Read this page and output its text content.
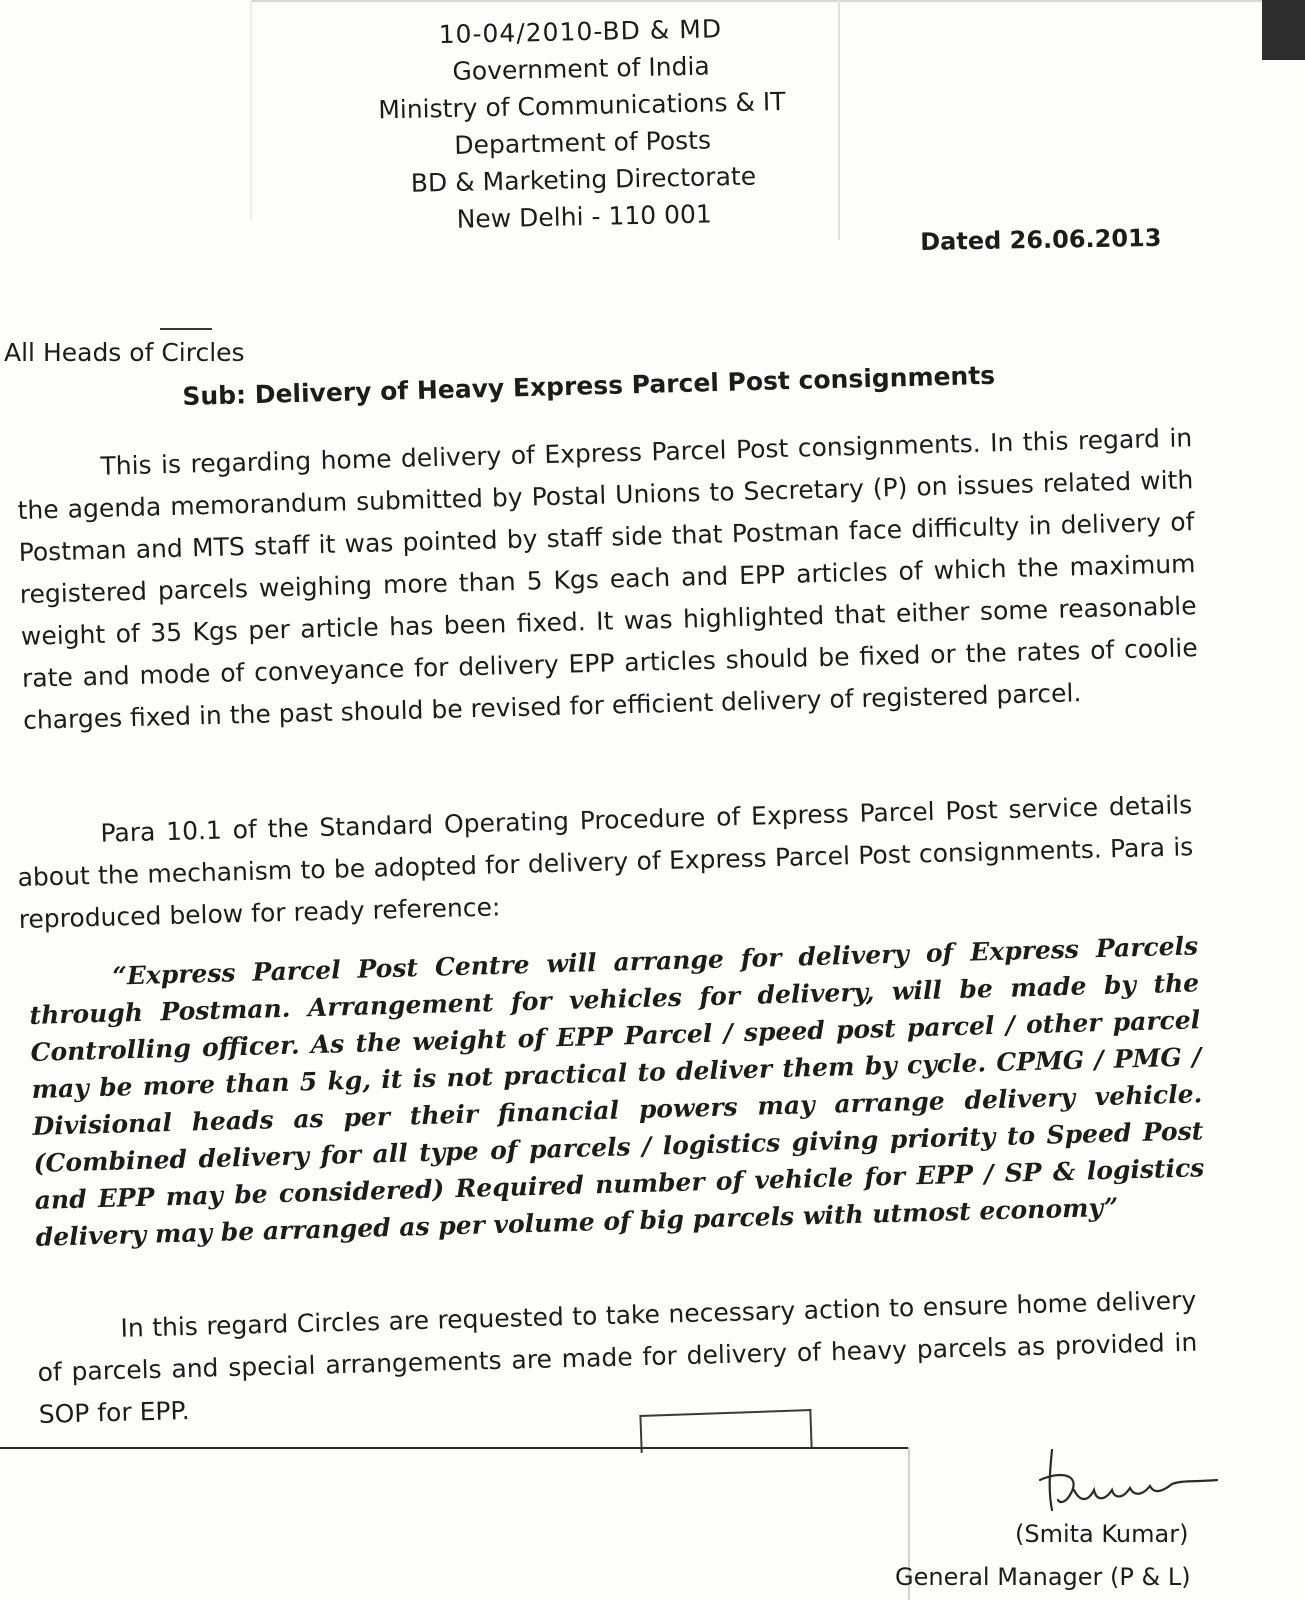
10-04/2010-BD & MD
Government of India
Ministry of Communications & IT
Department of Posts
BD & Marketing Directorate
New Delhi - 110 001
Dated 26.06.2013
All Heads of Circles
Sub: Delivery of Heavy Express Parcel Post consignments
This is regarding home delivery of Express Parcel Post consignments. In this regard in the agenda memorandum submitted by Postal Unions to Secretary (P) on issues related with Postman and MTS staff it was pointed by staff side that Postman face difficulty in delivery of registered parcels weighing more than 5 Kgs each and EPP articles of which the maximum weight of 35 Kgs per article has been fixed. It was highlighted that either some reasonable rate and mode of conveyance for delivery EPP articles should be fixed or the rates of coolie charges fixed in the past should be revised for efficient delivery of registered parcel.
Para 10.1 of the Standard Operating Procedure of Express Parcel Post service details about the mechanism to be adopted for delivery of Express Parcel Post consignments. Para is reproduced below for ready reference:
“Express Parcel Post Centre will arrange for delivery of Express Parcels through Postman. Arrangement for vehicles for delivery, will be made by the Controlling officer. As the weight of EPP Parcel / speed post parcel / other parcel may be more than 5 kg, it is not practical to deliver them by cycle. CPMG / PMG / Divisional heads as per their financial powers may arrange delivery vehicle. (Combined delivery for all type of parcels / logistics giving priority to Speed Post and EPP may be considered) Required number of vehicle for EPP / SP & logistics delivery may be arranged as per volume of big parcels with utmost economy”
In this regard Circles are requested to take necessary action to ensure home delivery of parcels and special arrangements are made for delivery of heavy parcels as provided in SOP for EPP.
(Smita Kumar)
General Manager (P & L)
